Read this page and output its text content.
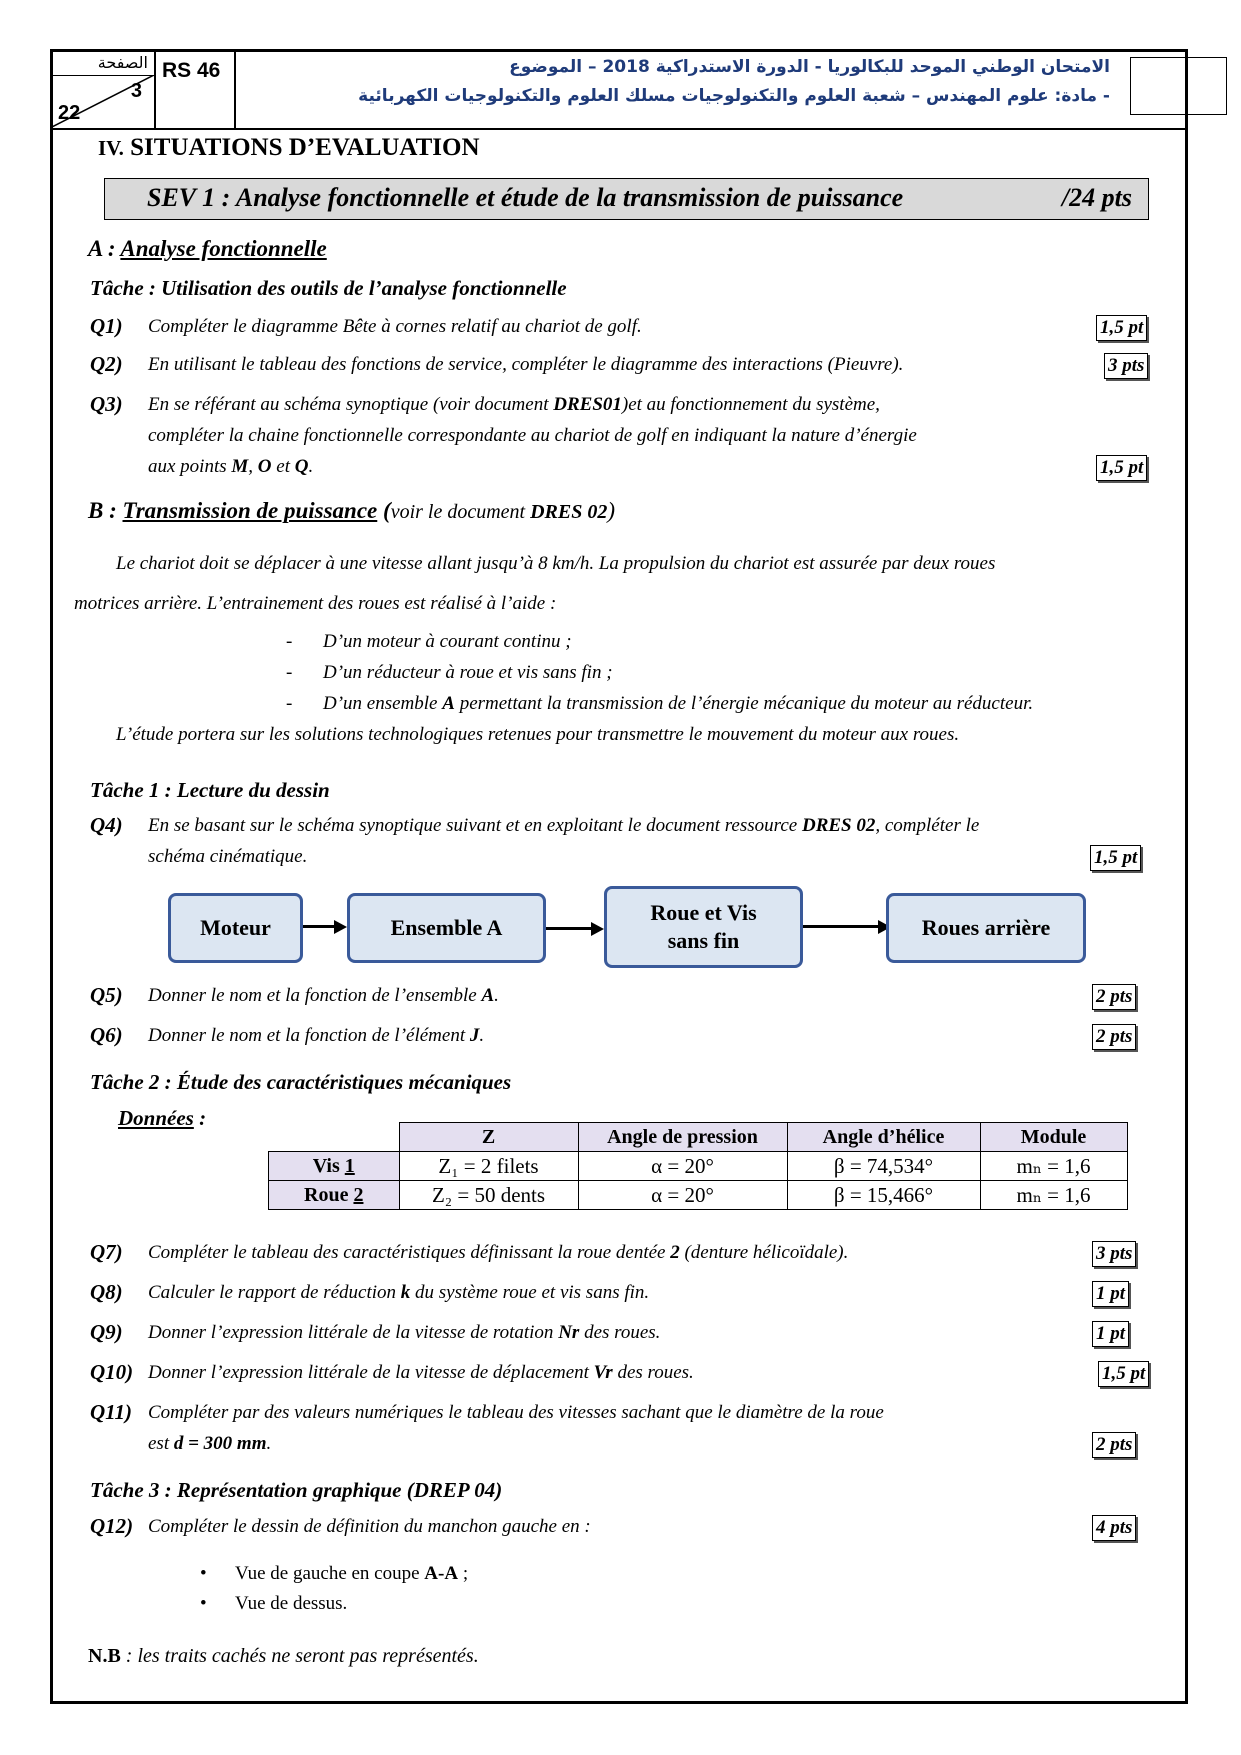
الصفحة
3
22
RS 46	الامتحان الوطني الموحد للبكالوريا - الدورة الاستدراكية 2018 – الموضوع
- مادة: علوم المهندس – شعبة العلوم والتكنولوجيات مسلك العلوم والتكنولوجيات الكهربائية
IV. SITUATIONS D’EVALUATION
SEV 1 : Analyse fonctionnelle et étude de la transmission de puissance	/24 pts
A : Analyse fonctionnelle
Tâche : Utilisation des outils de l’analyse fonctionnelle
Q1) Compléter le diagramme Bête à cornes relatif au chariot de golf.	1,5 pt
Q2) En utilisant le tableau des fonctions de service, compléter le diagramme des interactions (Pieuvre).	3 pts
Q3) En se référant au schéma synoptique (voir document DRES01)et au fonctionnement du système,
compléter la chaine fonctionnelle correspondante au chariot de golf en indiquant la nature d’énergie
aux points M, O et Q.	1,5 pt
B : Transmission de puissance (voir le document DRES 02)
Le chariot doit se déplacer à une vitesse allant jusqu’à 8 km/h. La propulsion du chariot est assurée par deux roues
motrices arrière. L’entrainement des roues est réalisé à l’aide :
- D’un moteur à courant continu ;
- D’un réducteur à roue et vis sans fin ;
- D’un ensemble A permettant la transmission de l’énergie mécanique du moteur au réducteur.
L’étude portera sur les solutions technologiques retenues pour transmettre le mouvement du moteur aux roues.
Tâche 1 : Lecture du dessin
Q4) En se basant sur le schéma synoptique suivant et en exploitant le document ressource DRES 02, compléter le
schéma cinématique.	1,5 pt
Moteur	Ensemble A
Roue et Vis sans fin
Roues arrière
Q5) Donner le nom et la fonction de l’ensemble A.	2 pts
Q6) Donner le nom et la fonction de l’élément J.	2 pts
Tâche 2 : Étude des caractéristiques mécaniques
Données :
	Z	Angle de pression	Angle d’hélice	Module
Vis 1	Z₁ = 2 filets	α = 20°	β = 74,534°	mₙ = 1,6
Roue 2	Z₂ = 50 dents	α = 20°	β = 15,466°	mₙ = 1,6
Q7) Compléter le tableau des caractéristiques définissant la roue dentée 2 (denture hélicoïdale).	3 pts
Q8) Calculer le rapport de réduction k du système roue et vis sans fin.	1 pt
Q9) Donner l’expression littérale de la vitesse de rotation Nr des roues.	1 pt
Q10) Donner l’expression littérale de la vitesse de déplacement Vr des roues.	1,5 pt
Q11) Compléter par des valeurs numériques le tableau des vitesses sachant que le diamètre de la roue
est d = 300 mm.	2 pts
Tâche 3 : Représentation graphique (DREP 04)
Q12) Compléter le dessin de définition du manchon gauche en :	4 pts
• Vue de gauche en coupe A-A ;
• Vue de dessus.
N.B : les traits cachés ne seront pas représentés.
